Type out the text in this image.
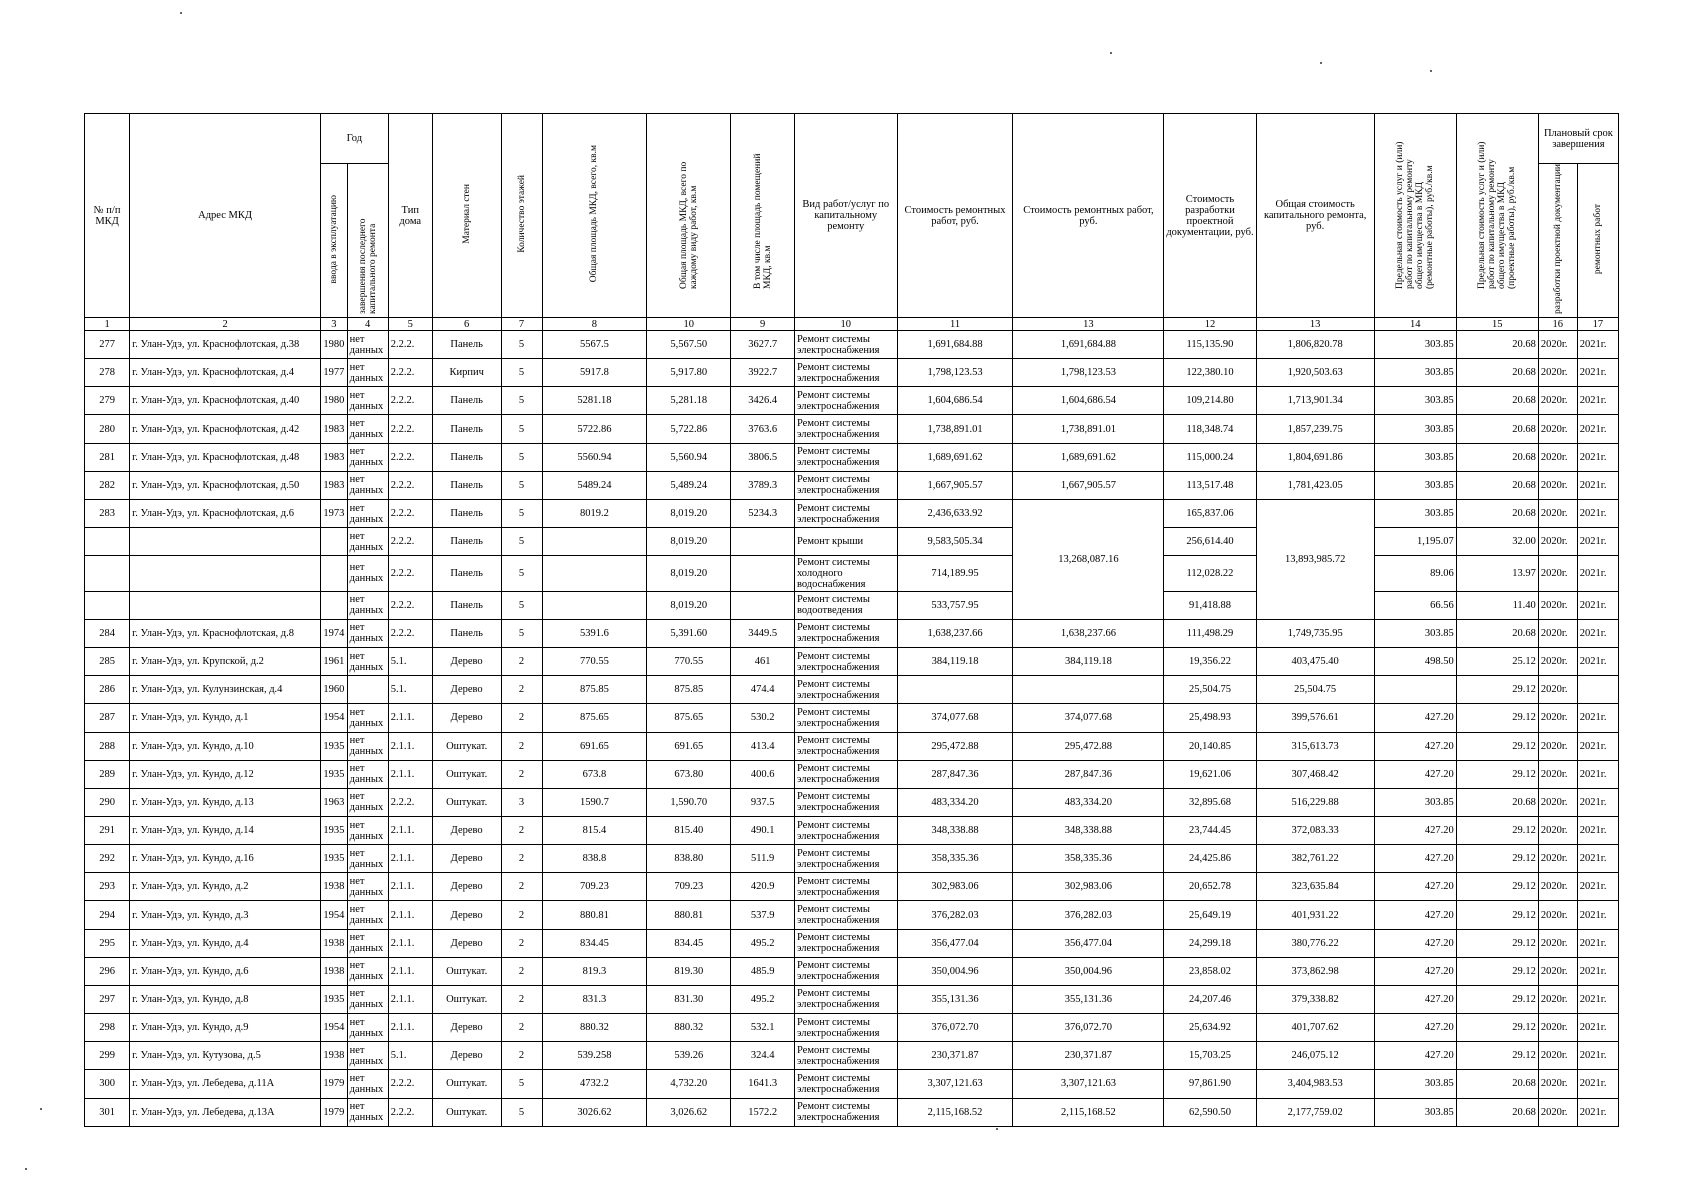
№ п/п МКД	Адрес МКД	Год		Тип дома	Материал стен	Количество этажей	Общая площадь МКД, всего, кв.м	Общая площадь МКД, всего по каждому виду работ, кв.м	В том числе площадь помещений МКД, кв.м	Вид работ/услуг по капитальному ремонту	Стоимость ремонтных работ, руб.	Стоимость ремонтных работ, руб.	Стоимость разработки проектной документации, руб.	Общая стоимость капитального ремонта, руб.	Предельная стоимость услуг и (или) работ по капитальному ремонту общего имущества в МКД (ремонтные работы), руб./кв.м	Предельная стоимость услуг и (или) работ по капитальному ремонту общего имущества в МКД (проектные работы), руб./кв.м	Плановый срок завершения	
		ввода в эксплуатацию	завершения последнего капитального ремонта														разработки проектной документации	ремонтных работ
1	2	3	4	5	6	7	8	10	9	10	11	13	12	13	14	15	16	17
277	г. Улан-Удэ, ул. Краснофлотская, д.38	1980	нет данных	2.2.2.	Панель	5	5567.5	5,567.50	3627.7	Ремонт системы электроснабжения	1,691,684.88	1,691,684.88	115,135.90	1,806,820.78	303.85	20.68	2020г.	2021г.
278	г. Улан-Удэ, ул. Краснофлотская, д.4	1977	нет данных	2.2.2.	Кирпич	5	5917.8	5,917.80	3922.7	Ремонт системы электроснабжения	1,798,123.53	1,798,123.53	122,380.10	1,920,503.63	303.85	20.68	2020г.	2021г.
279	г. Улан-Удэ, ул. Краснофлотская, д.40	1980	нет данных	2.2.2.	Панель	5	5281.18	5,281.18	3426.4	Ремонт системы электроснабжения	1,604,686.54	1,604,686.54	109,214.80	1,713,901.34	303.85	20.68	2020г.	2021г.
280	г. Улан-Удэ, ул. Краснофлотская, д.42	1983	нет данных	2.2.2.	Панель	5	5722.86	5,722.86	3763.6	Ремонт системы электроснабжения	1,738,891.01	1,738,891.01	118,348.74	1,857,239.75	303.85	20.68	2020г.	2021г.
281	г. Улан-Удэ, ул. Краснофлотская, д.48	1983	нет данных	2.2.2.	Панель	5	5560.94	5,560.94	3806.5	Ремонт системы электроснабжения	1,689,691.62	1,689,691.62	115,000.24	1,804,691.86	303.85	20.68	2020г.	2021г.
282	г. Улан-Удэ, ул. Краснофлотская, д.50	1983	нет данных	2.2.2.	Панель	5	5489.24	5,489.24	3789.3	Ремонт системы электроснабжения	1,667,905.57	1,667,905.57	113,517.48	1,781,423.05	303.85	20.68	2020г.	2021г.
283	г. Улан-Удэ, ул. Краснофлотская, д.6	1973	нет данных	2.2.2.	Панель	5	8019.2	8,019.20	5234.3	Ремонт системы электроснабжения	2,436,633.92	13,268,087.16	165,837.06	13,893,985.72	303.85	20.68	2020г.	2021г.
			нет данных	2.2.2.	Панель	5		8,019.20		Ремонт крыши	9,583,505.34		256,614.40		1,195.07	32.00	2020г.	2021г.
			нет данных	2.2.2.	Панель	5		8,019.20		Ремонт системы холодного водоснабжения	714,189.95		112,028.22		89.06	13.97	2020г.	2021г.
			нет данных	2.2.2.	Панель	5		8,019.20		Ремонт системы водоотведения	533,757.95		91,418.88		66.56	11.40	2020г.	2021г.
284	г. Улан-Удэ, ул. Краснофлотская, д.8	1974	нет данных	2.2.2.	Панель	5	5391.6	5,391.60	3449.5	Ремонт системы электроснабжения	1,638,237.66	1,638,237.66	111,498.29	1,749,735.95	303.85	20.68	2020г.	2021г.
285	г. Улан-Удэ, ул. Крупской, д.2	1961	нет данных	5.1.	Дерево	2	770.55	770.55	461	Ремонт системы электроснабжения	384,119.18	384,119.18	19,356.22	403,475.40	498.50	25.12	2020г.	2021г.
286	г. Улан-Удэ, ул. Кулунзинская, д.4	1960		5.1.	Дерево	2	875.85	875.85	474.4	Ремонт системы электроснабжения			25,504.75	25,504.75		29.12	2020г.	
287	г. Улан-Удэ, ул. Кундо, д.1	1954	нет данных	2.1.1.	Дерево	2	875.65	875.65	530.2	Ремонт системы электроснабжения	374,077.68	374,077.68	25,498.93	399,576.61	427.20	29.12	2020г.	2021г.
288	г. Улан-Удэ, ул. Кундо, д.10	1935	нет данных	2.1.1.	Оштукат.	2	691.65	691.65	413.4	Ремонт системы электроснабжения	295,472.88	295,472.88	20,140.85	315,613.73	427.20	29.12	2020г.	2021г.
289	г. Улан-Удэ, ул. Кундо, д.12	1935	нет данных	2.1.1.	Оштукат.	2	673.8	673.80	400.6	Ремонт системы электроснабжения	287,847.36	287,847.36	19,621.06	307,468.42	427.20	29.12	2020г.	2021г.
290	г. Улан-Удэ, ул. Кундо, д.13	1963	нет данных	2.2.2.	Оштукат.	3	1590.7	1,590.70	937.5	Ремонт системы электроснабжения	483,334.20	483,334.20	32,895.68	516,229.88	303.85	20.68	2020г.	2021г.
291	г. Улан-Удэ, ул. Кундо, д.14	1935	нет данных	2.1.1.	Дерево	2	815.4	815.40	490.1	Ремонт системы электроснабжения	348,338.88	348,338.88	23,744.45	372,083.33	427.20	29.12	2020г.	2021г.
292	г. Улан-Удэ, ул. Кундо, д.16	1935	нет данных	2.1.1.	Дерево	2	838.8	838.80	511.9	Ремонт системы электроснабжения	358,335.36	358,335.36	24,425.86	382,761.22	427.20	29.12	2020г.	2021г.
293	г. Улан-Удэ, ул. Кундо, д.2	1938	нет данных	2.1.1.	Дерево	2	709.23	709.23	420.9	Ремонт системы электроснабжения	302,983.06	302,983.06	20,652.78	323,635.84	427.20	29.12	2020г.	2021г.
294	г. Улан-Удэ, ул. Кундо, д.3	1954	нет данных	2.1.1.	Дерево	2	880.81	880.81	537.9	Ремонт системы электроснабжения	376,282.03	376,282.03	25,649.19	401,931.22	427.20	29.12	2020г.	2021г.
295	г. Улан-Удэ, ул. Кундо, д.4	1938	нет данных	2.1.1.	Дерево	2	834.45	834.45	495.2	Ремонт системы электроснабжения	356,477.04	356,477.04	24,299.18	380,776.22	427.20	29.12	2020г.	2021г.
296	г. Улан-Удэ, ул. Кундо, д.6	1938	нет данных	2.1.1.	Оштукат.	2	819.3	819.30	485.9	Ремонт системы электроснабжения	350,004.96	350,004.96	23,858.02	373,862.98	427.20	29.12	2020г.	2021г.
297	г. Улан-Удэ, ул. Кундо, д.8	1935	нет данных	2.1.1.	Оштукат.	2	831.3	831.30	495.2	Ремонт системы электроснабжения	355,131.36	355,131.36	24,207.46	379,338.82	427.20	29.12	2020г.	2021г.
298	г. Улан-Удэ, ул. Кундо, д.9	1954	нет данных	2.1.1.	Дерево	2	880.32	880.32	532.1	Ремонт системы электроснабжения	376,072.70	376,072.70	25,634.92	401,707.62	427.20	29.12	2020г.	2021г.
299	г. Улан-Удэ, ул. Кутузова, д.5	1938	нет данных	5.1.	Дерево	2	539.258	539.26	324.4	Ремонт системы электроснабжения	230,371.87	230,371.87	15,703.25	246,075.12	427.20	29.12	2020г.	2021г.
300	г. Улан-Удэ, ул. Лебедева, д.11А	1979	нет данных	2.2.2.	Оштукат.	5	4732.2	4,732.20	1641.3	Ремонт системы электроснабжения	3,307,121.63	3,307,121.63	97,861.90	3,404,983.53	303.85	20.68	2020г.	2021г.
301	г. Улан-Удэ, ул. Лебедева, д.13А	1979	нет данных	2.2.2.	Оштукат.	5	3026.62	3,026.62	1572.2	Ремонт системы электроснабжения	2,115,168.52	2,115,168.52	62,590.50	2,177,759.02	303.85	20.68	2020г.	2021г.
